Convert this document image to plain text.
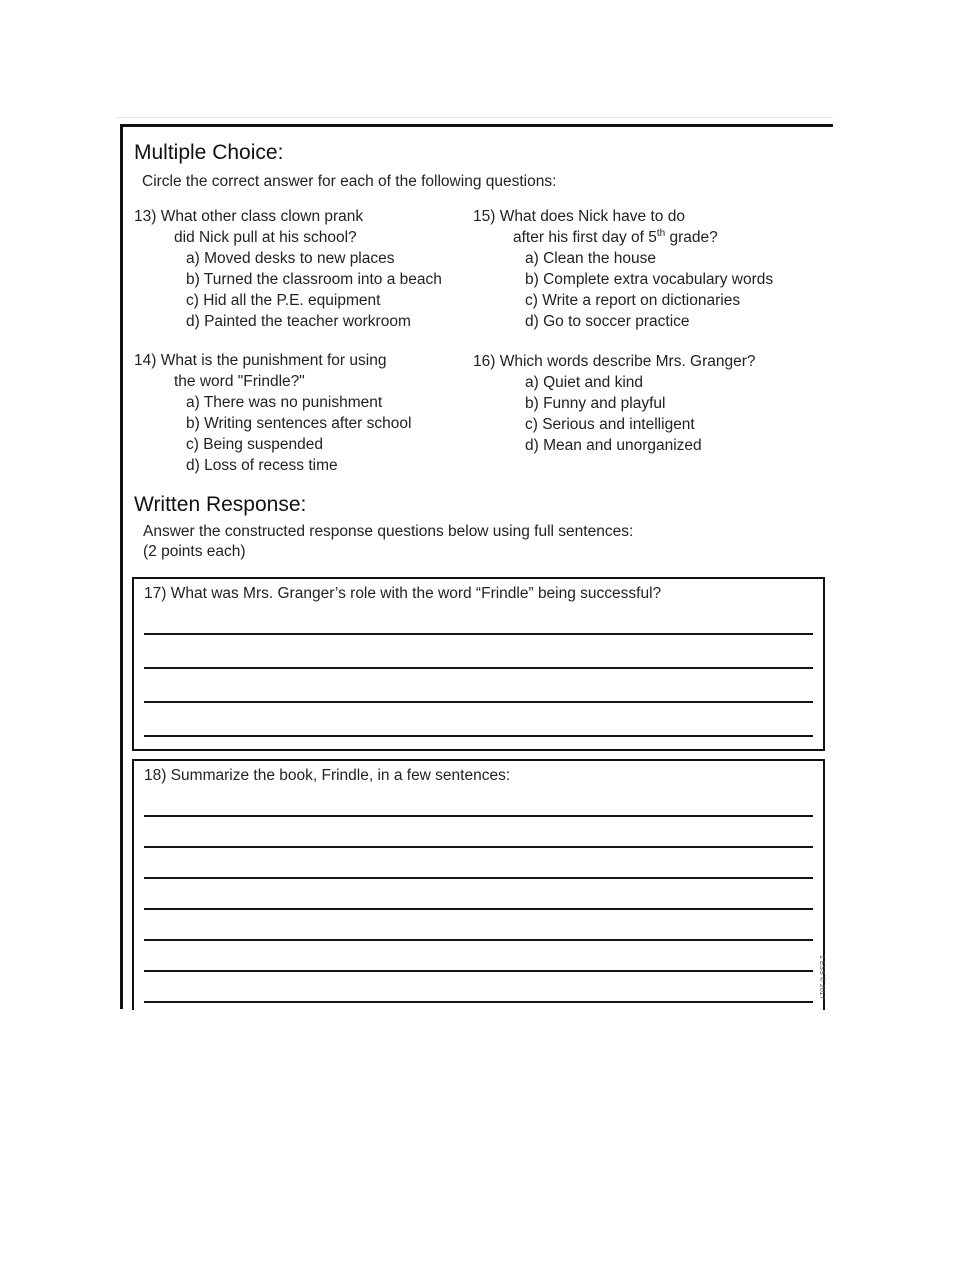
Multiple Choice:
Circle the correct answer for each of the following questions:
13) What other class clown prank
did Nick pull at his school?
a) Moved desks to new places
b) Turned the classroom into a beach
c) Hid all the P.E. equipment
d) Painted the teacher workroom
14) What is the punishment for using
the word "Frindle?"
a) There was no punishment
b) Writing sentences after school
c) Being suspended
d) Loss of recess time
15) What does Nick have to do
after his first day of 5th grade?
a) Clean the house
b) Complete extra vocabulary words
c) Write a report on dictionaries
d) Go to soccer practice
16) Which words describe Mrs. Granger?
a) Quiet and kind
b) Funny and playful
c) Serious and intelligent
d) Mean and unorganized
Written Response:
Answer the constructed response questions below using full sentences:
(2 points each)
17) What was Mrs. Granger’s role with the word “Frindle” being successful?
18) Summarize the book, Frindle, in a few sentences:
1 ESS © 2017
